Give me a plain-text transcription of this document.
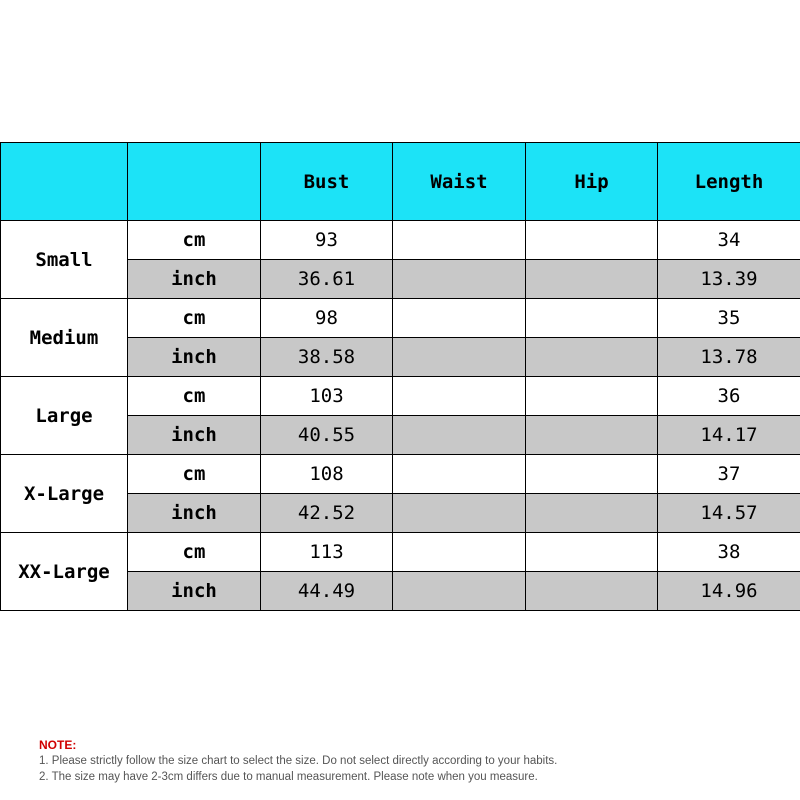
		Bust	Waist	Hip	Length
Small	cm	93			34
	inch	36.61			13.39
Medium	cm	98			35
	inch	38.58			13.78
Large	cm	103			36
	inch	40.55			14.17
X-Large	cm	108			37
	inch	42.52			14.57
XX-Large	cm	113			38
	inch	44.49			14.96
NOTE:
1. Please strictly follow the size chart to select the size. Do not select directly according to your habits.
2. The size may have 2-3cm differs due to manual measurement. Please note when you measure.
